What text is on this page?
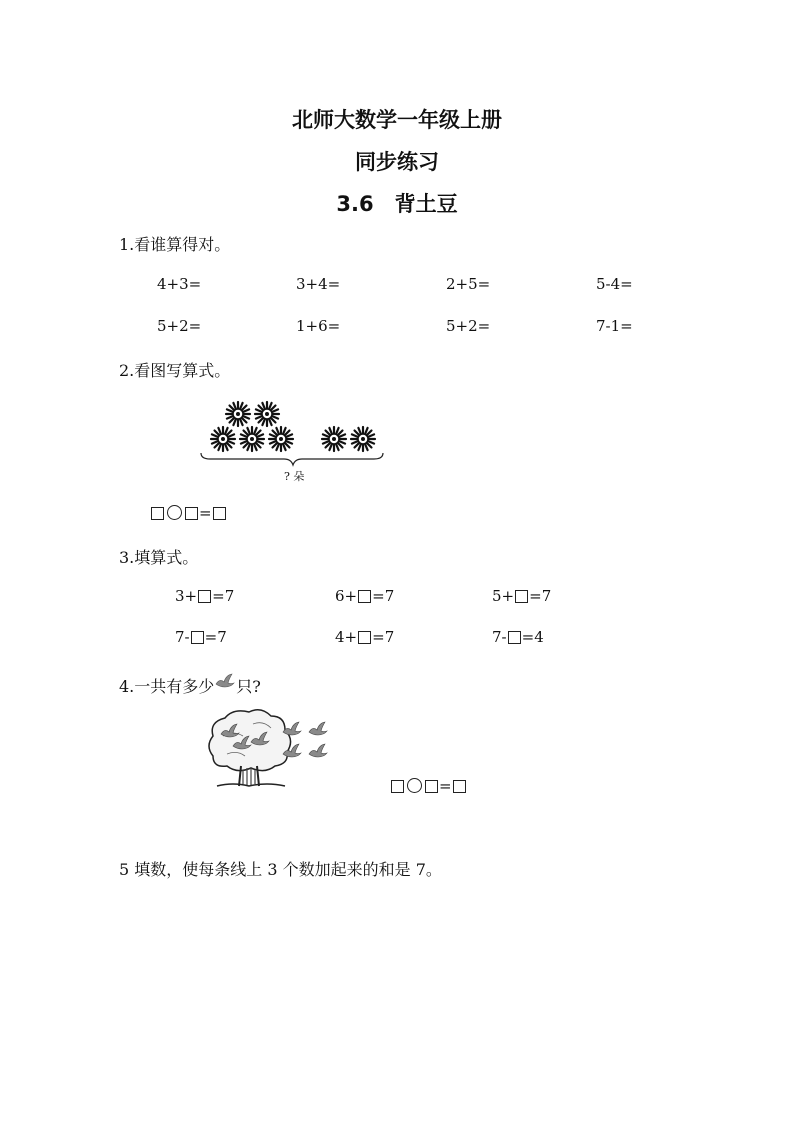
北师大数学一年级上册
同步练习
3.6　背土豆
1.看谁算得对。
4+3=	3+4=	2+5=	5-4=
5+2=	1+6=	5+2=	7-1=
2.看图写算式。
? 朵
=
3.填算式。
3+ =7	6+ =7	5+ =7
7- =7	4+ =7	7- =4
4.一共有多少 只?
=
5 填数，使每条线上 3 个数加起来的和是 7。
